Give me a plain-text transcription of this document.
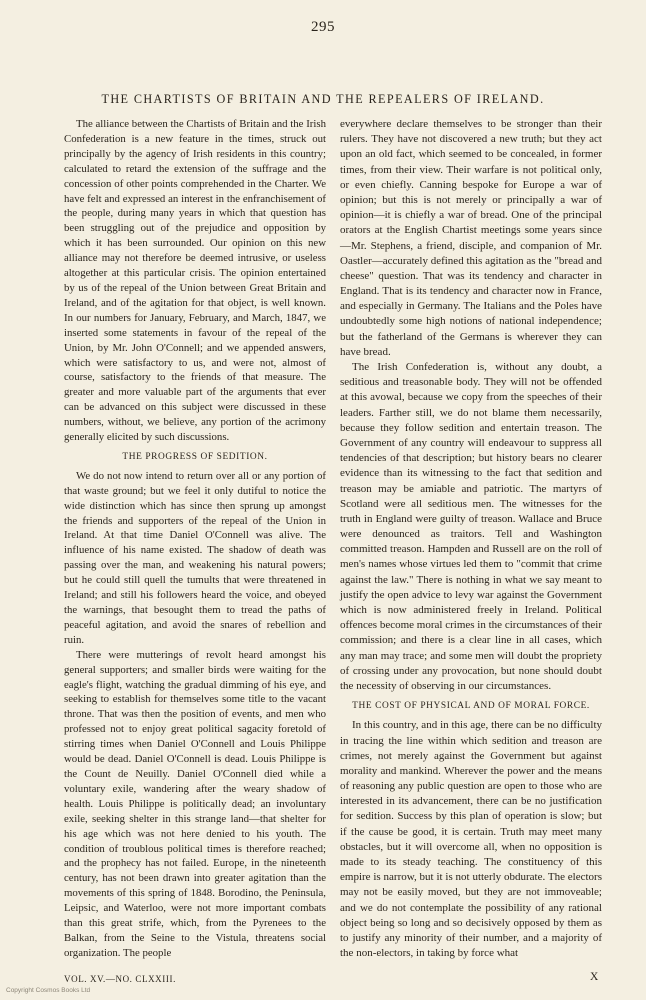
295
THE CHARTISTS OF BRITAIN AND THE REPEALERS OF IRELAND.

The alliance between the Chartists of Britain and the Irish Confederation is a new feature in the times, struck out principally by the agency of Irish residents in this country; calculated to retard the extension of the suffrage and the concession of other points comprehended in the Charter. We have felt and expressed an interest in the enfranchisement of the people, during many years in which that question has been struggling out of the prejudice and opposition by which it has been surrounded. Our opinion on this new alliance may not therefore be deemed intrusive, or useless altogether at this particular crisis. The opinion entertained by us of the repeal of the Union between Great Britain and Ireland, and of the agitation for that object, is well known. In our numbers for January, February, and March, 1847, we inserted some statements in favour of the repeal of the Union, by Mr. John O'Connell; and we appended answers, which were satisfactory to us, and were not, almost of course, satisfactory to the friends of that measure. The greater and more valuable part of the arguments that ever can be advanced on this subject were discussed in these numbers, without, we believe, any portion of the acrimony generally elicited by such discussions.

THE PROGRESS OF SEDITION.

We do not now intend to return over all or any portion of that waste ground; but we feel it only dutiful to notice the wide distinction which has since then sprung up amongst the friends and supporters of the repeal of the Union in Ireland. At that time Daniel O'Connell was alive. The influence of his name existed. The shadow of death was passing over the man, and weakening his natural powers; but he could still quell the tumults that were threatened in Ireland; and still his followers heard the voice, and obeyed the warnings, that besought them to tread the paths of peaceful agitation, and avoid the snares of rebellion and ruin.

There were mutterings of revolt heard amongst his general supporters; and smaller birds were waiting for the eagle's flight, watching the gradual dimming of his eye, and seeking to establish for themselves some title to the vacant throne. That was then the position of events, and men who professed not to enjoy great political sagacity foretold of stirring times when Daniel O'Connell and Louis Philippe would be dead. Daniel O'Connell is dead. Louis Philippe is the Count de Neuilly. Daniel O'Connell died while a voluntary exile, wandering after the weary shadow of health. Louis Philippe is politically dead; an involuntary exile, seeking shelter in this strange land—that shelter for his age which was not here denied to his youth. The condition of troublous political times is therefore reached; and the prophecy has not failed. Europe, in the nineteenth century, has not been drawn into greater agitation than the movements of this spring of 1848. Borodino, the Peninsula, Leipsic, and Waterloo, were not more important combats than this great strife, which, from the Pyrenees to the Balkan, from the Seine to the Vistula, threatens social organization. The people

everywhere declare themselves to be stronger than their rulers. They have not discovered a new truth; but they act upon an old fact, which seemed to be concealed, in former times, from their view. Their warfare is not political only, or even chiefly. Canning bespoke for Europe a war of opinion; but this is not merely or principally a war of opinion—it is chiefly a war of bread. One of the principal orators at the English Chartist meetings some years since—Mr. Stephens, a friend, disciple, and companion of Mr. Oastler—accurately defined this agitation as the "bread and cheese" question. That was its tendency and character in England. That is its tendency and character now in France, and especially in Germany. The Italians and the Poles have undoubtedly some high notions of national independence; but the fatherland of the Germans is wherever they can have bread.

The Irish Confederation is, without any doubt, a seditious and treasonable body. They will not be offended at this avowal, because we copy from the speeches of their leaders. Farther still, we do not blame them necessarily, because they follow sedition and entertain treason. The Government of any country will endeavour to suppress all tendencies of that description; but history bears no clearer evidence than its witnessing to the fact that sedition and treason may be amiable and patriotic. The martyrs of Scotland were all seditious men. The witnesses for the truth in England were guilty of treason. Wallace and Bruce were denounced as traitors. Tell and Washington committed treason. Hampden and Russell are on the roll of men's names whose virtues led them to "commit that crime against the law." There is nothing in what we say meant to justify the open advice to levy war against the Government which is now administered freely in Ireland. Political offences become moral crimes in the circumstances of their commission; and there is a clear line in all cases, which any man may trace; and some men will doubt the propriety of crossing under any provocation, but none should doubt the necessity of observing in our circumstances.

THE COST OF PHYSICAL AND OF MORAL FORCE.

In this country, and in this age, there can be no difficulty in tracing the line within which sedition and treason are crimes, not merely against the Government but against morality and mankind. Wherever the power and the means of reasoning any public question are open to those who are interested in its advancement, there can be no justification for sedition. Success by this plan of operation is slow; but if the cause be good, it is certain. Truth may meet many obstacles, but it will overcome all, when no opposition is made to its steady teaching. The constituency of this empire is narrow, but it is not utterly obdurate. The electors may not be easily moved, but they are not immoveable; and we do not contemplate the possibility of any rational object being so long and so decisively opposed by them as to justify any minority of their number, and a majority of the non-electors, in taking by force what

VOL. XV.—NO. CLXXIII.	X
Copyright Cosmos Books Ltd
